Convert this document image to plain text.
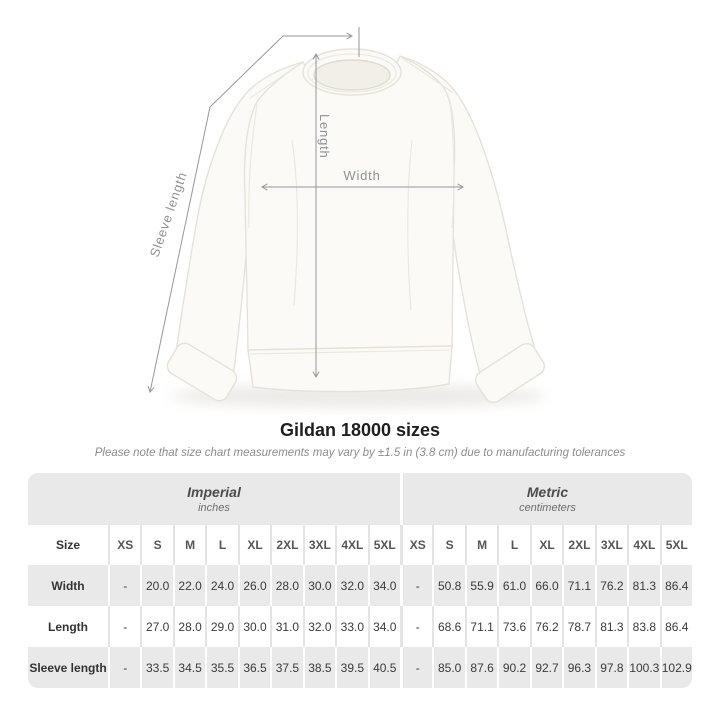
Length
Width
Sleeve length
Gildan 18000 sizes
Please note that size chart measurements may vary by ±1.5 in (3.8 cm) due to manufacturing tolerances
Imperial
inches
Metric
centimeters
Size	XS	S	M	L	XL	2XL 3XL 4XL 5XL	XS	S	M	L	XL	2XL 3XL 4XL 5XL
Width	-	20.0 22.0 24.0 26.0 28.0 30.0 32.0 34.0	-	50.8 55.9 61.0 66.0 71.1 76.2 81.3 86.4
Length	-	27.0 28.0 29.0 30.0 31.0 32.0 33.0 34.0	-	68.6 71.1 73.6 76.2 78.7 81.3 83.8 86.4
Sleeve length	-	33.5 34.5 35.5 36.5 37.5 38.5 39.5 40.5	-	85.0 87.6 90.2 92.7 96.3 97.8 100.3 102.9
